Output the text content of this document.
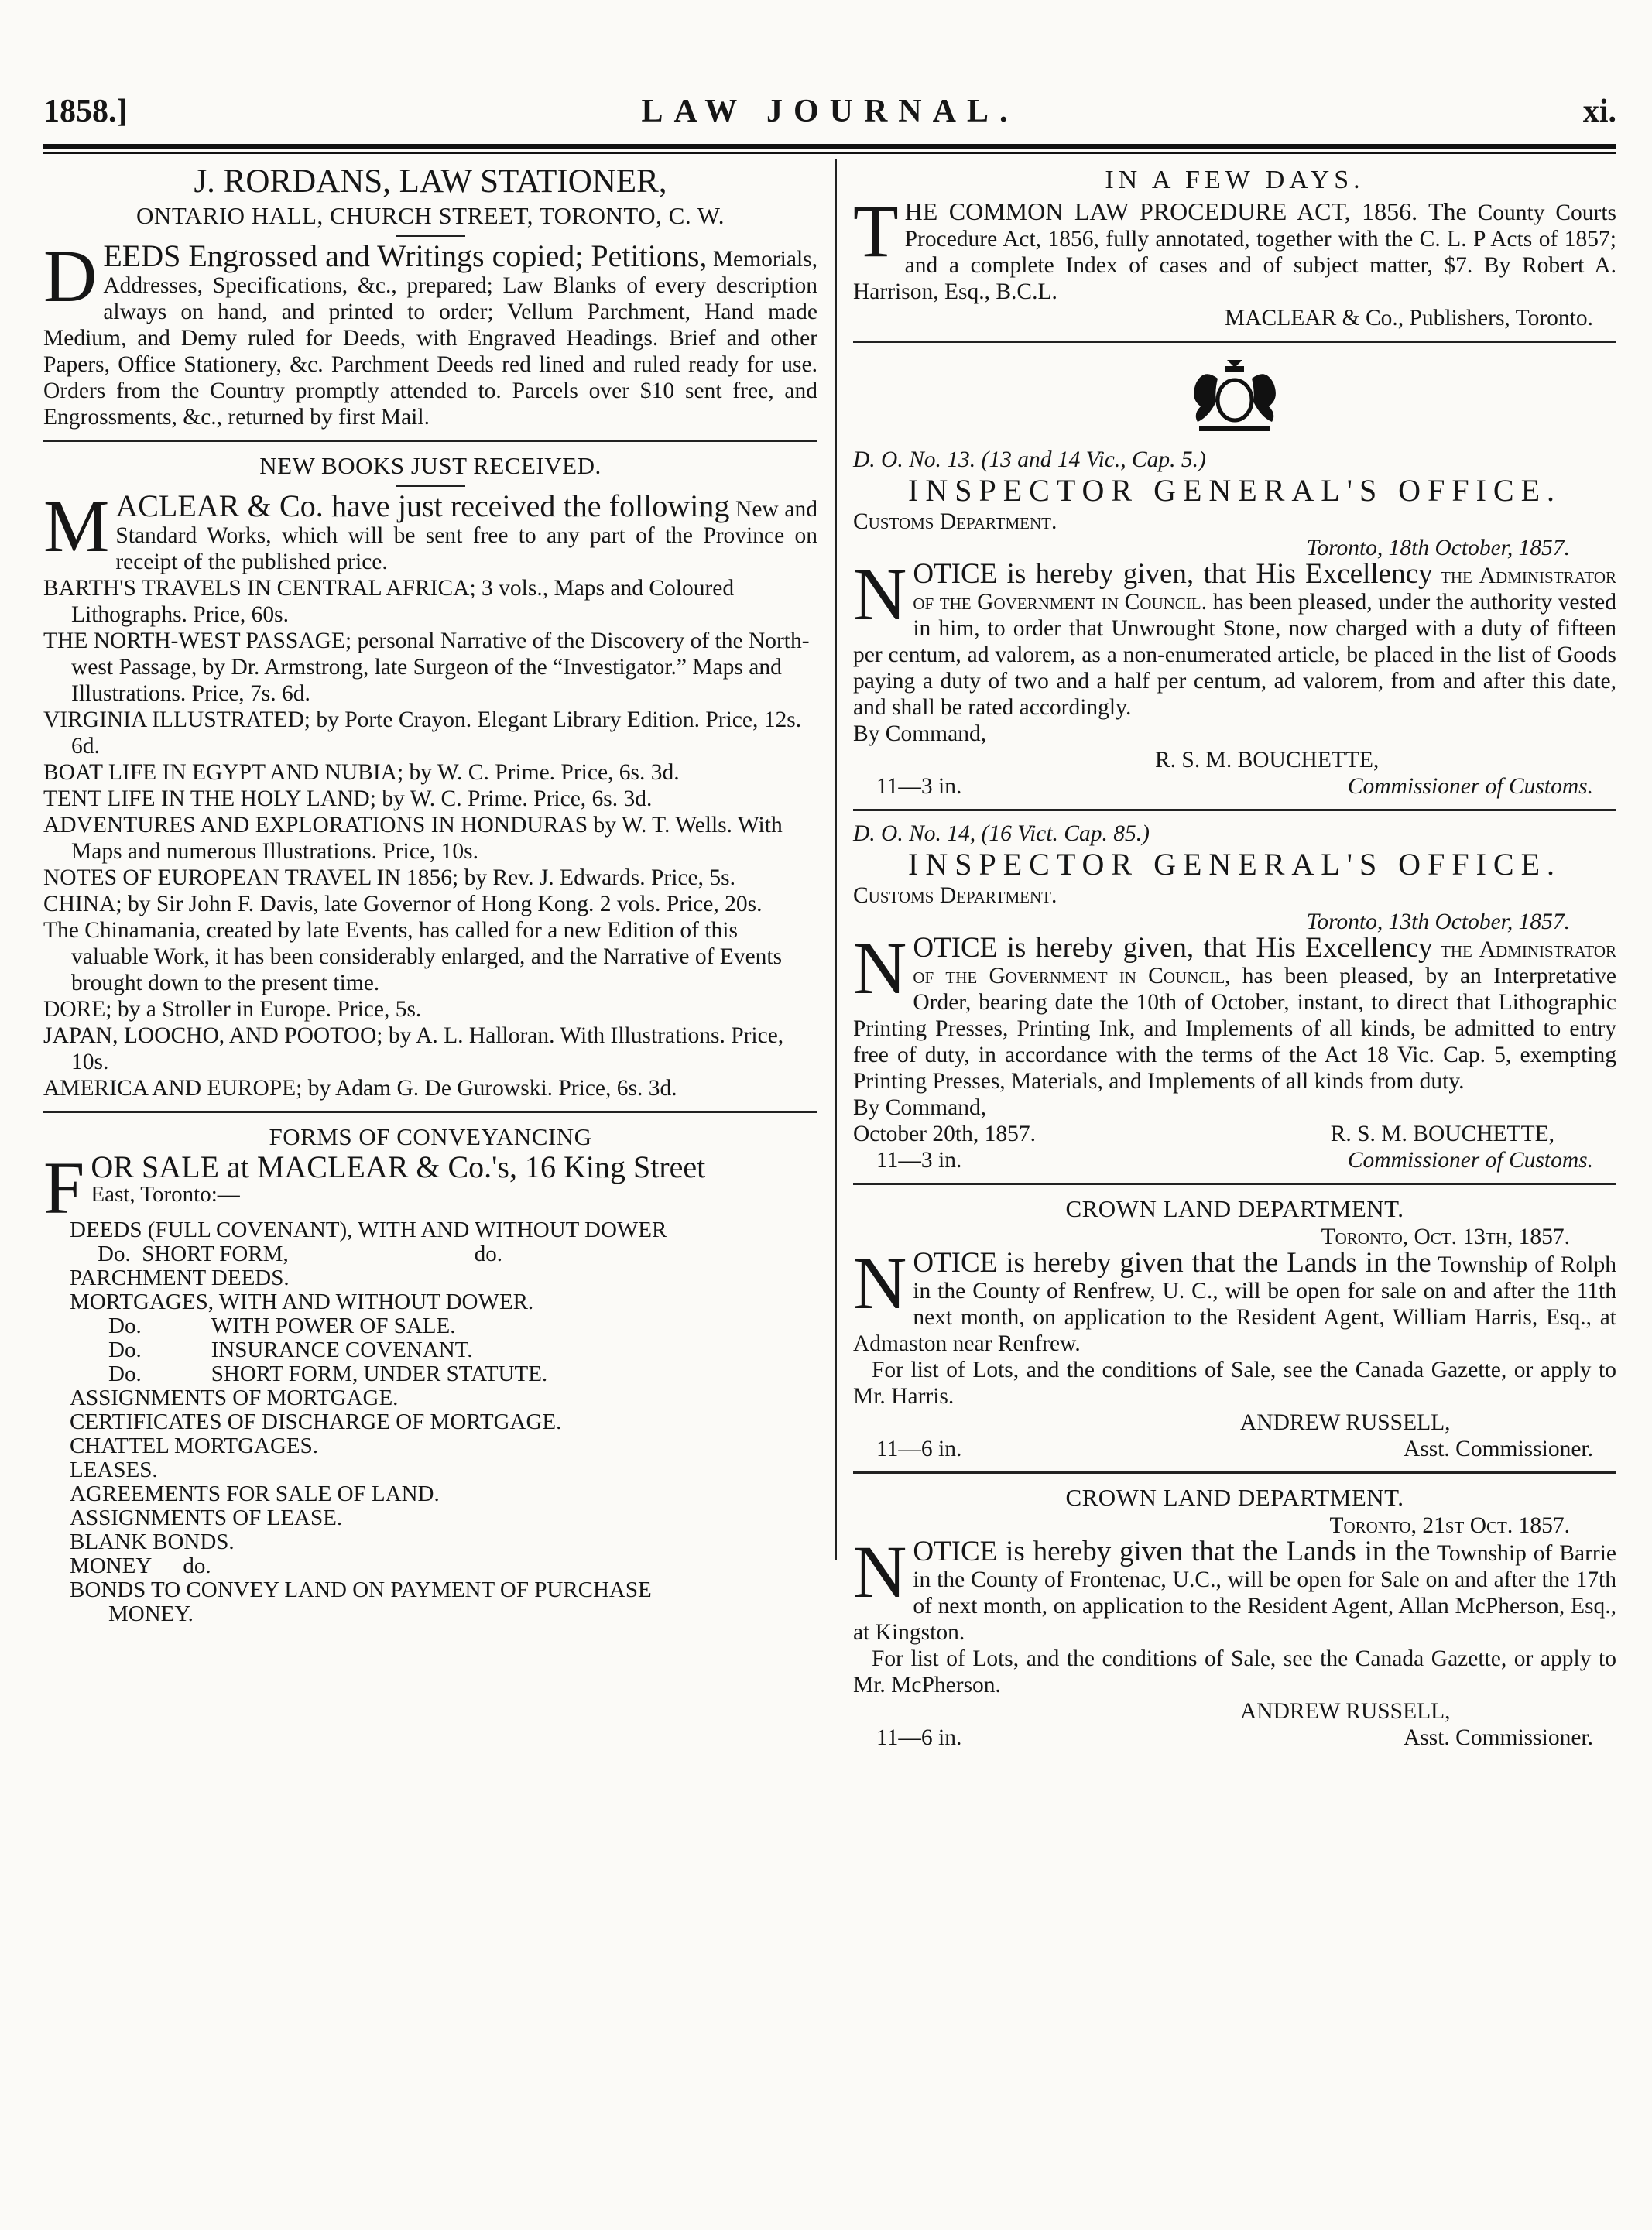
1858.]	LAW JOURNAL.	xi.

J. RORDANS, LAW STATIONER,

ONTARIO HALL, CHURCH STREET, TORONTO, C. W.

D EEDS Engrossed and Writings copied; Petitions, Memorials, Addresses, Specifications, &c., prepared; Law Blanks of every description always on hand, and printed to order; Vellum Parchment, Hand made Medium, and Demy ruled for Deeds, with Engraved Headings. Brief and other Papers, Office Stationery, &c. Parchment Deeds red lined and ruled ready for use. Orders from the Country promptly attended to. Parcels over $10 sent free, and Engrossments, &c., returned by first Mail.

NEW BOOKS JUST RECEIVED.

M ACLEAR & Co. have just received the following New and Standard Works, which will be sent free to any part of the Province on receipt of the published price.

BARTH'S TRAVELS IN CENTRAL AFRICA; 3 vols., Maps and Coloured Lithographs. Price, 60s.

THE NORTH-WEST PASSAGE; personal Narrative of the Discovery of the North-west Passage, by Dr. Armstrong, late Surgeon of the “Investigator.” Maps and Illustrations. Price, 7s. 6d.

VIRGINIA ILLUSTRATED; by Porte Crayon. Elegant Library Edition. Price, 12s. 6d.

BOAT LIFE IN EGYPT AND NUBIA; by W. C. Prime. Price, 6s. 3d.

TENT LIFE IN THE HOLY LAND; by W. C. Prime. Price, 6s. 3d.

ADVENTURES AND EXPLORATIONS IN HONDURAS by W. T. Wells. With Maps and numerous Illustrations. Price, 10s.

NOTES OF EUROPEAN TRAVEL IN 1856; by Rev. J. Edwards. Price, 5s.

CHINA; by Sir John F. Davis, late Governor of Hong Kong. 2 vols. Price, 20s.

The Chinamania, created by late Events, has called for a new Edition of this valuable Work, it has been considerably enlarged, and the Narrative of Events brought down to the present time.

DORE; by a Stroller in Europe. Price, 5s.

JAPAN, LOOCHO, AND POOTOO; by A. L. Halloran. With Illustrations. Price, 10s.

AMERICA AND EUROPE; by Adam G. De Gurowski. Price, 6s. 3d.

FORMS OF CONVEYANCING

F OR SALE at MACLEAR & Co.'s, 16 King Street

East, Toronto:—

DEEDS (FULL COVENANT), WITH AND WITHOUT DOWER

Do. SHORT FORM,	do.

PARCHMENT DEEDS.

MORTGAGES, WITH AND WITHOUT DOWER.

Do.	WITH POWER OF SALE.

Do.	INSURANCE COVENANT.

Do.	SHORT FORM, UNDER STATUTE.

ASSIGNMENTS OF MORTGAGE.

CERTIFICATES OF DISCHARGE OF MORTGAGE.

CHATTEL MORTGAGES.

LEASES.

AGREEMENTS FOR SALE OF LAND.

ASSIGNMENTS OF LEASE.

BLANK BONDS.

MONEY do.

BONDS TO CONVEY LAND ON PAYMENT OF PURCHASE

MONEY.

IN A FEW DAYS.

T HE COMMON LAW PROCEDURE ACT, 1856. The County Courts Procedure Act, 1856, fully annotated, together with the C. L. P Acts of 1857; and a complete Index of cases and of subject matter, $7. By Robert A. Harrison, Esq., B.C.L.

MACLEAR & Co., Publishers, Toronto.

D. O. No. 13. (13 and 14 Vic., Cap. 5.)

INSPECTOR GENERAL'S OFFICE.

Customs Department.

Toronto, 18th October, 1857.

N OTICE is hereby given, that His Excellency the Administrator of the Government in Council. has been pleased, under the authority vested in him, to order that Unwrought Stone, now charged with a duty of fifteen per centum, ad valorem, as a non-enumerated article, be placed in the list of Goods paying a duty of two and a half per centum, ad valorem, from and after this date, and shall be rated accordingly.

By Command,

R. S. M. BOUCHETTE,

11—3 in.	Commissioner of Customs.

D. O. No. 14, (16 Vict. Cap. 85.)

INSPECTOR GENERAL'S OFFICE.

Customs Department.

Toronto, 13th October, 1857.

N OTICE is hereby given, that His Excellency the Administrator of the Government in Council, has been pleased, by an Interpretative Order, bearing date the 10th of October, instant, to direct that Lithographic Printing Presses, Printing Ink, and Implements of all kinds, be admitted to entry free of duty, in accordance with the terms of the Act 18 Vic. Cap. 5, exempting Printing Presses, Materials, and Implements of all kinds from duty.

By Command,

October 20th, 1857.	R. S. M. BOUCHETTE,
11—3 in.	Commissioner of Customs.

CROWN LAND DEPARTMENT.

Toronto, Oct. 13th, 1857.

N OTICE is hereby given that the Lands in the Township of Rolph in the County of Renfrew, U. C., will be open for sale on and after the 11th next month, on application to the Resident Agent, William Harris, Esq., at Admaston near Renfrew.

For list of Lots, and the conditions of Sale, see the Canada Gazette, or apply to Mr. Harris.

ANDREW RUSSELL,

11—6 in.	Asst. Commissioner.

CROWN LAND DEPARTMENT.

Toronto, 21st Oct. 1857.

N OTICE is hereby given that the Lands in the Township of Barrie in the County of Frontenac, U.C., will be open for Sale on and after the 17th of next month, on application to the Resident Agent, Allan McPherson, Esq., at Kingston.

For list of Lots, and the conditions of Sale, see the Canada Gazette, or apply to Mr. McPherson.

ANDREW RUSSELL,

11—6 in.	Asst. Commissioner.
